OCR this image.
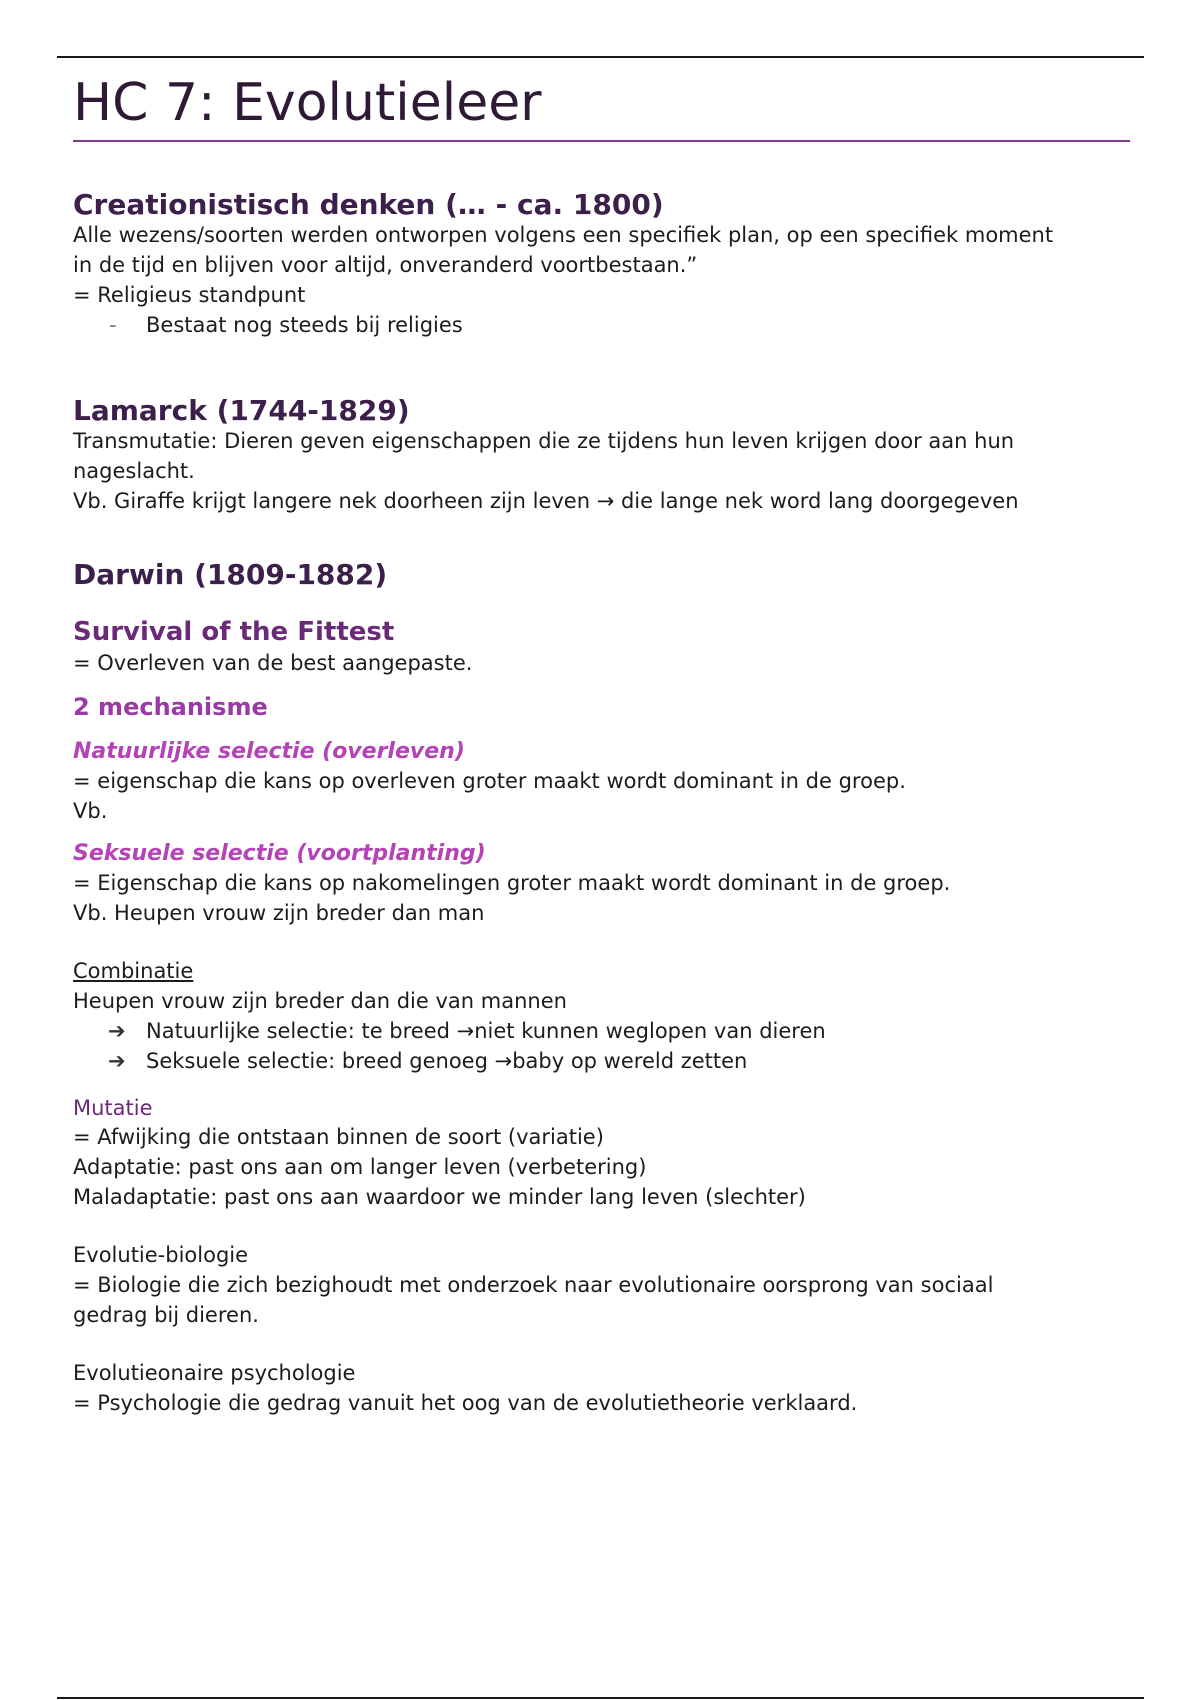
HC 7: Evolutieleer
Creationistisch denken (… - ca. 1800)

Alle wezens/soorten werden ontworpen volgens een specifiek plan, op een specifiek moment

in de tijd en blijven voor altijd, onveranderd voortbestaan.”

= Religieus standpunt

- Bestaat nog steeds bij religies
Lamarck (1744-1829)

Transmutatie: Dieren geven eigenschappen die ze tijdens hun leven krijgen door aan hun

nageslacht.

Vb. Giraffe krijgt langere nek doorheen zijn leven → die lange nek word lang doorgegeven

Darwin (1809-1882)
Survival of the Fittest

= Overleven van de best aangepaste.

2 mechanisme
Natuurlijke selectie (overleven)

= eigenschap die kans op overleven groter maakt wordt dominant in de groep.

Vb.

Seksuele selectie (voortplanting)

= Eigenschap die kans op nakomelingen groter maakt wordt dominant in de groep.

Vb. Heupen vrouw zijn breder dan man

Combinatie

Heupen vrouw zijn breder dan die van mannen

➔ Natuurlijke selectie: te breed →niet kunnen weglopen van dieren
➔ Seksuele selectie: breed genoeg →baby op wereld zetten

Mutatie

= Afwijking die ontstaan binnen de soort (variatie)

Adaptatie: past ons aan om langer leven (verbetering)

Maladaptatie: past ons aan waardoor we minder lang leven (slechter)

Evolutie-biologie

= Biologie die zich bezighoudt met onderzoek naar evolutionaire oorsprong van sociaal

gedrag bij dieren.

Evolutieonaire psychologie

= Psychologie die gedrag vanuit het oog van de evolutietheorie verklaard.
